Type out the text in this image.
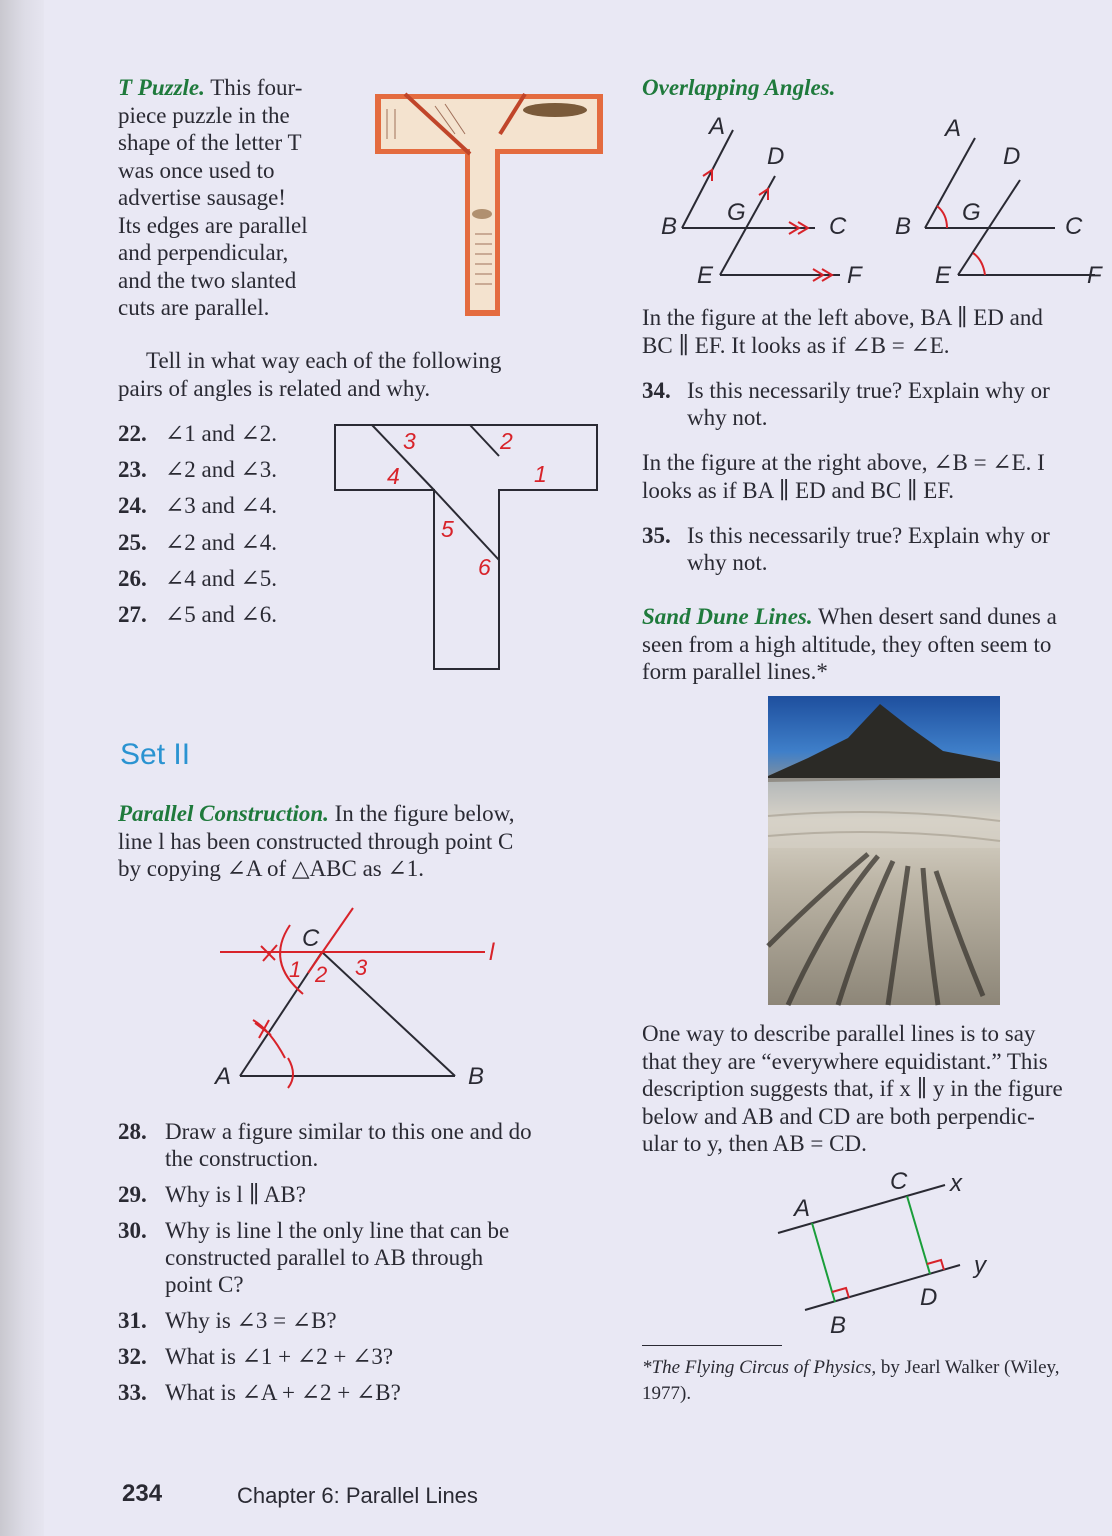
T Puzzle. This four-
piece puzzle in the
shape of the letter T
was once used to
advertise sausage!
Its edges are parallel
and perpendicular,
and the two slanted
cuts are parallel.
Tell in what way each of the following
pairs of angles is related and why.
22. ∠1 and ∠2.
23. ∠2 and ∠3.
24. ∠3 and ∠4.
25. ∠2 and ∠4.
26. ∠4 and ∠5.
27. ∠5 and ∠6.
3	2
4	1
5
6
Set II
Parallel Construction. In the figure below,
line l has been constructed through point C
by copying ∠A of △ABC as ∠1.
C
l
1 2 3
A	B
28. Draw a figure similar to this one and do
the construction.
29. Why is l ∥ AB?
30. Why is line l the only line that can be
constructed parallel to AB through
point C?
31. Why is ∠3 = ∠B?
32. What is ∠1 + ∠2 + ∠3?
33. What is ∠A + ∠2 + ∠B?
Overlapping Angles.
A
D
B
G
C
E	F
A
D
B
G
C
E	F
In the figure at the left above, BA ∥ ED and
BC ∥ EF. It looks as if ∠B = ∠E.
34. Is this necessarily true? Explain why or
why not.
In the figure at the right above, ∠B = ∠E. I
looks as if BA ∥ ED and BC ∥ EF.
35. Is this necessarily true? Explain why or
why not.
Sand Dune Lines. When desert sand dunes a
seen from a high altitude, they often seem to
form parallel lines.*
One way to describe parallel lines is to say
that they are “everywhere equidistant.” This
description suggests that, if x ∥ y in the figure
below and AB and CD are both perpendic-
ular to y, then AB = CD.
C x
A
y
D
B
*The Flying Circus of Physics, by Jearl Walker (Wiley,
1977).
234	Chapter 6: Parallel Lines
